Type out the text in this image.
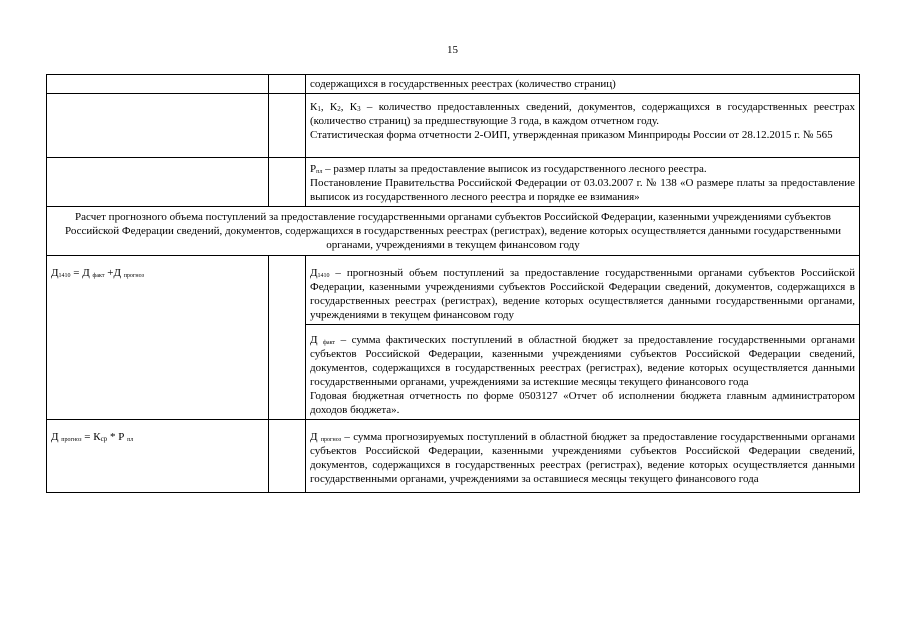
15
		содержащихся в государственных реестрах (количество страниц)

		$К_1$, $К_2$, $К_3$ – количество предоставленных сведений, документов, содержащихся в государственных реестрах (количество страниц) за предшествующие 3 года, в каждом отчетном году.

Статистическая форма отчетности 2-ОИП, утвержденная приказом Минприроды России от 28.12.2015 г. № 565

		$Р_{пл}$ – размер платы за предоставление выписок из государственного лесного реестра.

Постановление Правительства Российской Федерации от 03.03.2007 г. № 138 «О размере платы за предоставление выписок из государственного лесного реестра и порядке ее взимания»

Расчет прогнозного объема поступлений за предоставление государственными органами субъектов Российской Федерации, казенными учреждениями субъектов Российской Федерации сведений, документов, содержащихся в государственных реестрах (регистрах), ведение которых осуществляется данными государственными органами, учреждениями в текущем финансовом году		
$Д_{1410} = Д$ $_{факт}$ +Д $_{прогноз}$		$Д_{1410}$ – прогнозный объем поступлений за предоставление государственными органами субъектов Российской Федерации, казенными учреждениями субъектов Российской Федерации сведений, документов, содержащихся в государственных реестрах (регистрах), ведение которых осуществляется данными государственными органами, учреждениями в текущем финансовом году

		Д $_{факт}$ – сумма фактических поступлений в областной бюджет за предоставление государственными органами субъектов Российской Федерации, казенными учреждениями субъектов Российской Федерации сведений, документов, содержащихся в государственных реестрах (регистрах), ведение которых осуществляется данными государственными органами, учреждениями за истекшие месяцы текущего финансового года

Годовая бюджетная отчетность по форме 0503127 «Отчет об исполнении бюджета главным администратором доходов бюджета».

Д $_{прогноз} = К_{ср} * Р$ $_{пл}$		Д $_{прогноз}$ – сумма прогнозируемых поступлений в областной бюджет за предоставление государственными органами субъектов Российской Федерации, казенными учреждениями субъектов Российской Федерации сведений, документов, содержащихся в государственных реестрах (регистрах), ведение которых осуществляется данными государственными органами, учреждениями за оставшиеся месяцы текущего финансового года
